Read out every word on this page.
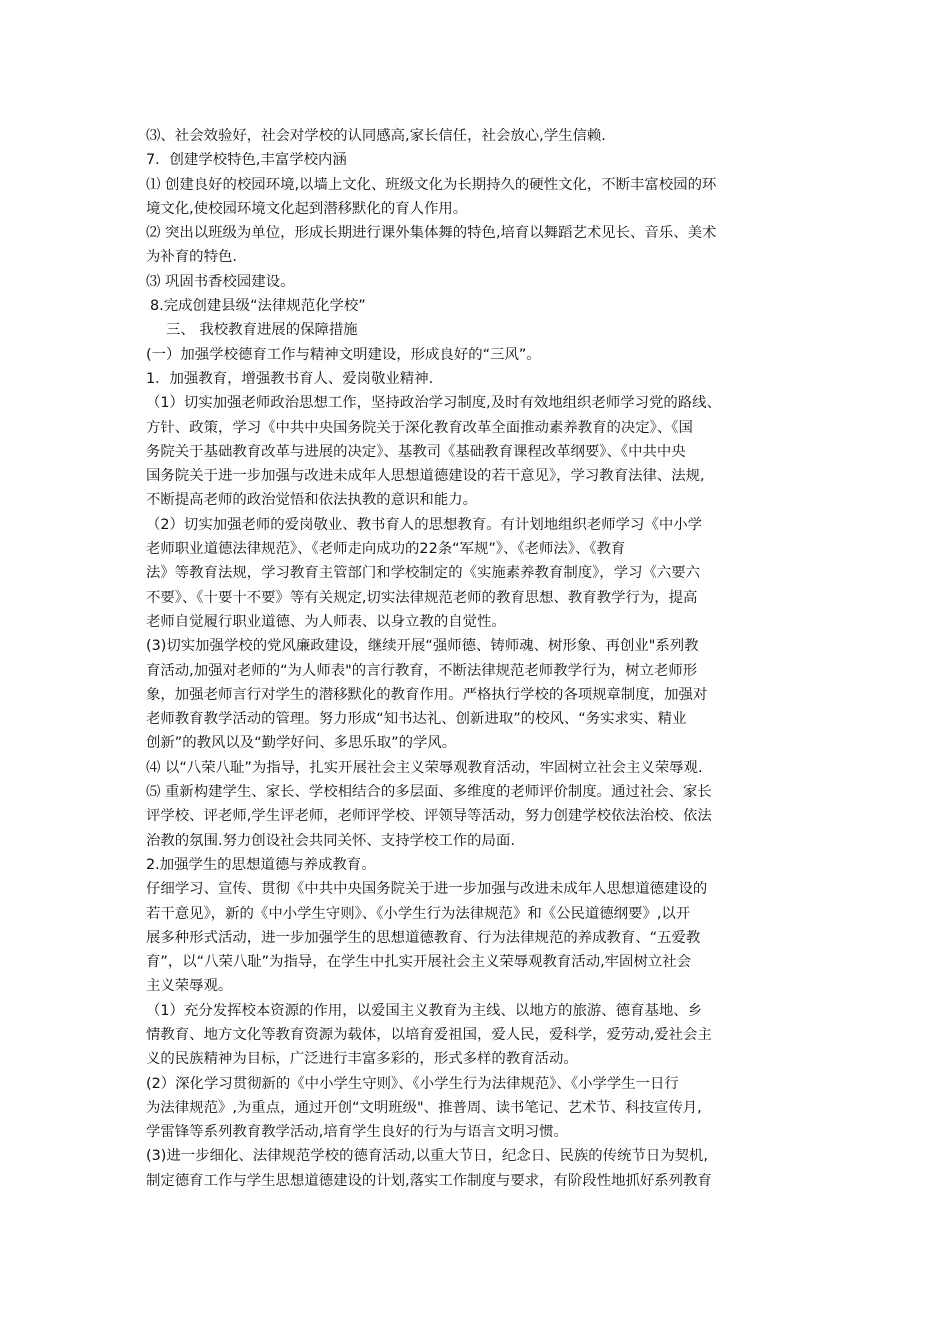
⑶、社会效验好，社会对学校的认同感高,家长信任，社会放心,学生信赖.
7．创建学校特色,丰富学校内涵
⑴ 创建良好的校园环境,以墙上文化、班级文化为长期持久的硬性文化，不断丰富校园的环
境文化,使校园环境文化起到潜移默化的育人作用。
⑵ 突出以班级为单位，形成长期进行课外集体舞的特色,培育以舞蹈艺术见长、音乐、美术
为补育的特色.
⑶ 巩固书香校园建设。
8.完成创建县级“法律规范化学校”
三、 我校教育进展的保障措施
(一）加强学校德育工作与精神文明建设，形成良好的“三风”。
1．加强教育，增强教书育人、爱岗敬业精神.
（1）切实加强老师政治思想工作，坚持政治学习制度,及时有效地组织老师学习党的路线、
方针、政策，学习《中共中央国务院关于深化教育改革全面推动素养教育的决定》、《国
务院关于基础教育改革与进展的决定》、基教司《基础教育课程改革纲要》、《中共中央
国务院关于进一步加强与改进未成年人思想道德建设的若干意见》，学习教育法律、法规,
不断提高老师的政治觉悟和依法执教的意识和能力。
（2）切实加强老师的爱岗敬业、教书育人的思想教育。有计划地组织老师学习《中小学
老师职业道德法律规范》、《老师走向成功的22条“军规”》、《老师法》、《教育
法》等教育法规，学习教育主管部门和学校制定的《实施素养教育制度》，学习《六要六
不要》、《十要十不要》等有关规定,切实法律规范老师的教育思想、教育教学行为，提高
老师自觉履行职业道德、为人师表、以身立教的自觉性。
(3)切实加强学校的党风廉政建设，继续开展“强师德、铸师魂、树形象、再创业"系列教
育活动,加强对老师的“为人师表"的言行教育，不断法律规范老师教学行为，树立老师形
象，加强老师言行对学生的潜移默化的教育作用。严格执行学校的各项规章制度，加强对
老师教育教学活动的管理。努力形成“知书达礼、创新进取”的校风、“务实求实、精业
创新”的教风以及“勤学好问、多思乐取”的学风。
⑷ 以“八荣八耻”为指导，扎实开展社会主义荣辱观教育活动，牢固树立社会主义荣辱观.
⑸ 重新构建学生、家长、学校相结合的多层面、多维度的老师评价制度。通过社会、家长
评学校、评老师,学生评老师，老师评学校、评领导等活动，努力创建学校依法治校、依法
治教的氛围.努力创设社会共同关怀、支持学校工作的局面.
2.加强学生的思想道德与养成教育。
仔细学习、宣传、贯彻《中共中央国务院关于进一步加强与改进未成年人思想道德建设的
若干意见》，新的《中小学生守则》、《小学生行为法律规范》和《公民道德纲要》,以开
展多种形式活动，进一步加强学生的思想道德教育、行为法律规范的养成教育、“五爱教
育”，以“八荣八耻”为指导，在学生中扎实开展社会主义荣辱观教育活动,牢固树立社会
主义荣辱观。
（1）充分发挥校本资源的作用，以爱国主义教育为主线、以地方的旅游、德育基地、乡
情教育、地方文化等教育资源为载体，以培育爱祖国，爱人民，爱科学，爱劳动,爱社会主
义的民族精神为目标，广泛进行丰富多彩的，形式多样的教育活动。
(2）深化学习贯彻新的《中小学生守则》、《小学生行为法律规范》、《小学学生一日行
为法律规范》,为重点，通过开创“文明班级"、推普周、读书笔记、艺术节、科技宣传月,
学雷锋等系列教育教学活动,培育学生良好的行为与语言文明习惯。
(3)进一步细化、法律规范学校的德育活动,以重大节日，纪念日、民族的传统节日为契机,
制定德育工作与学生思想道德建设的计划,落实工作制度与要求，有阶段性地抓好系列教育
